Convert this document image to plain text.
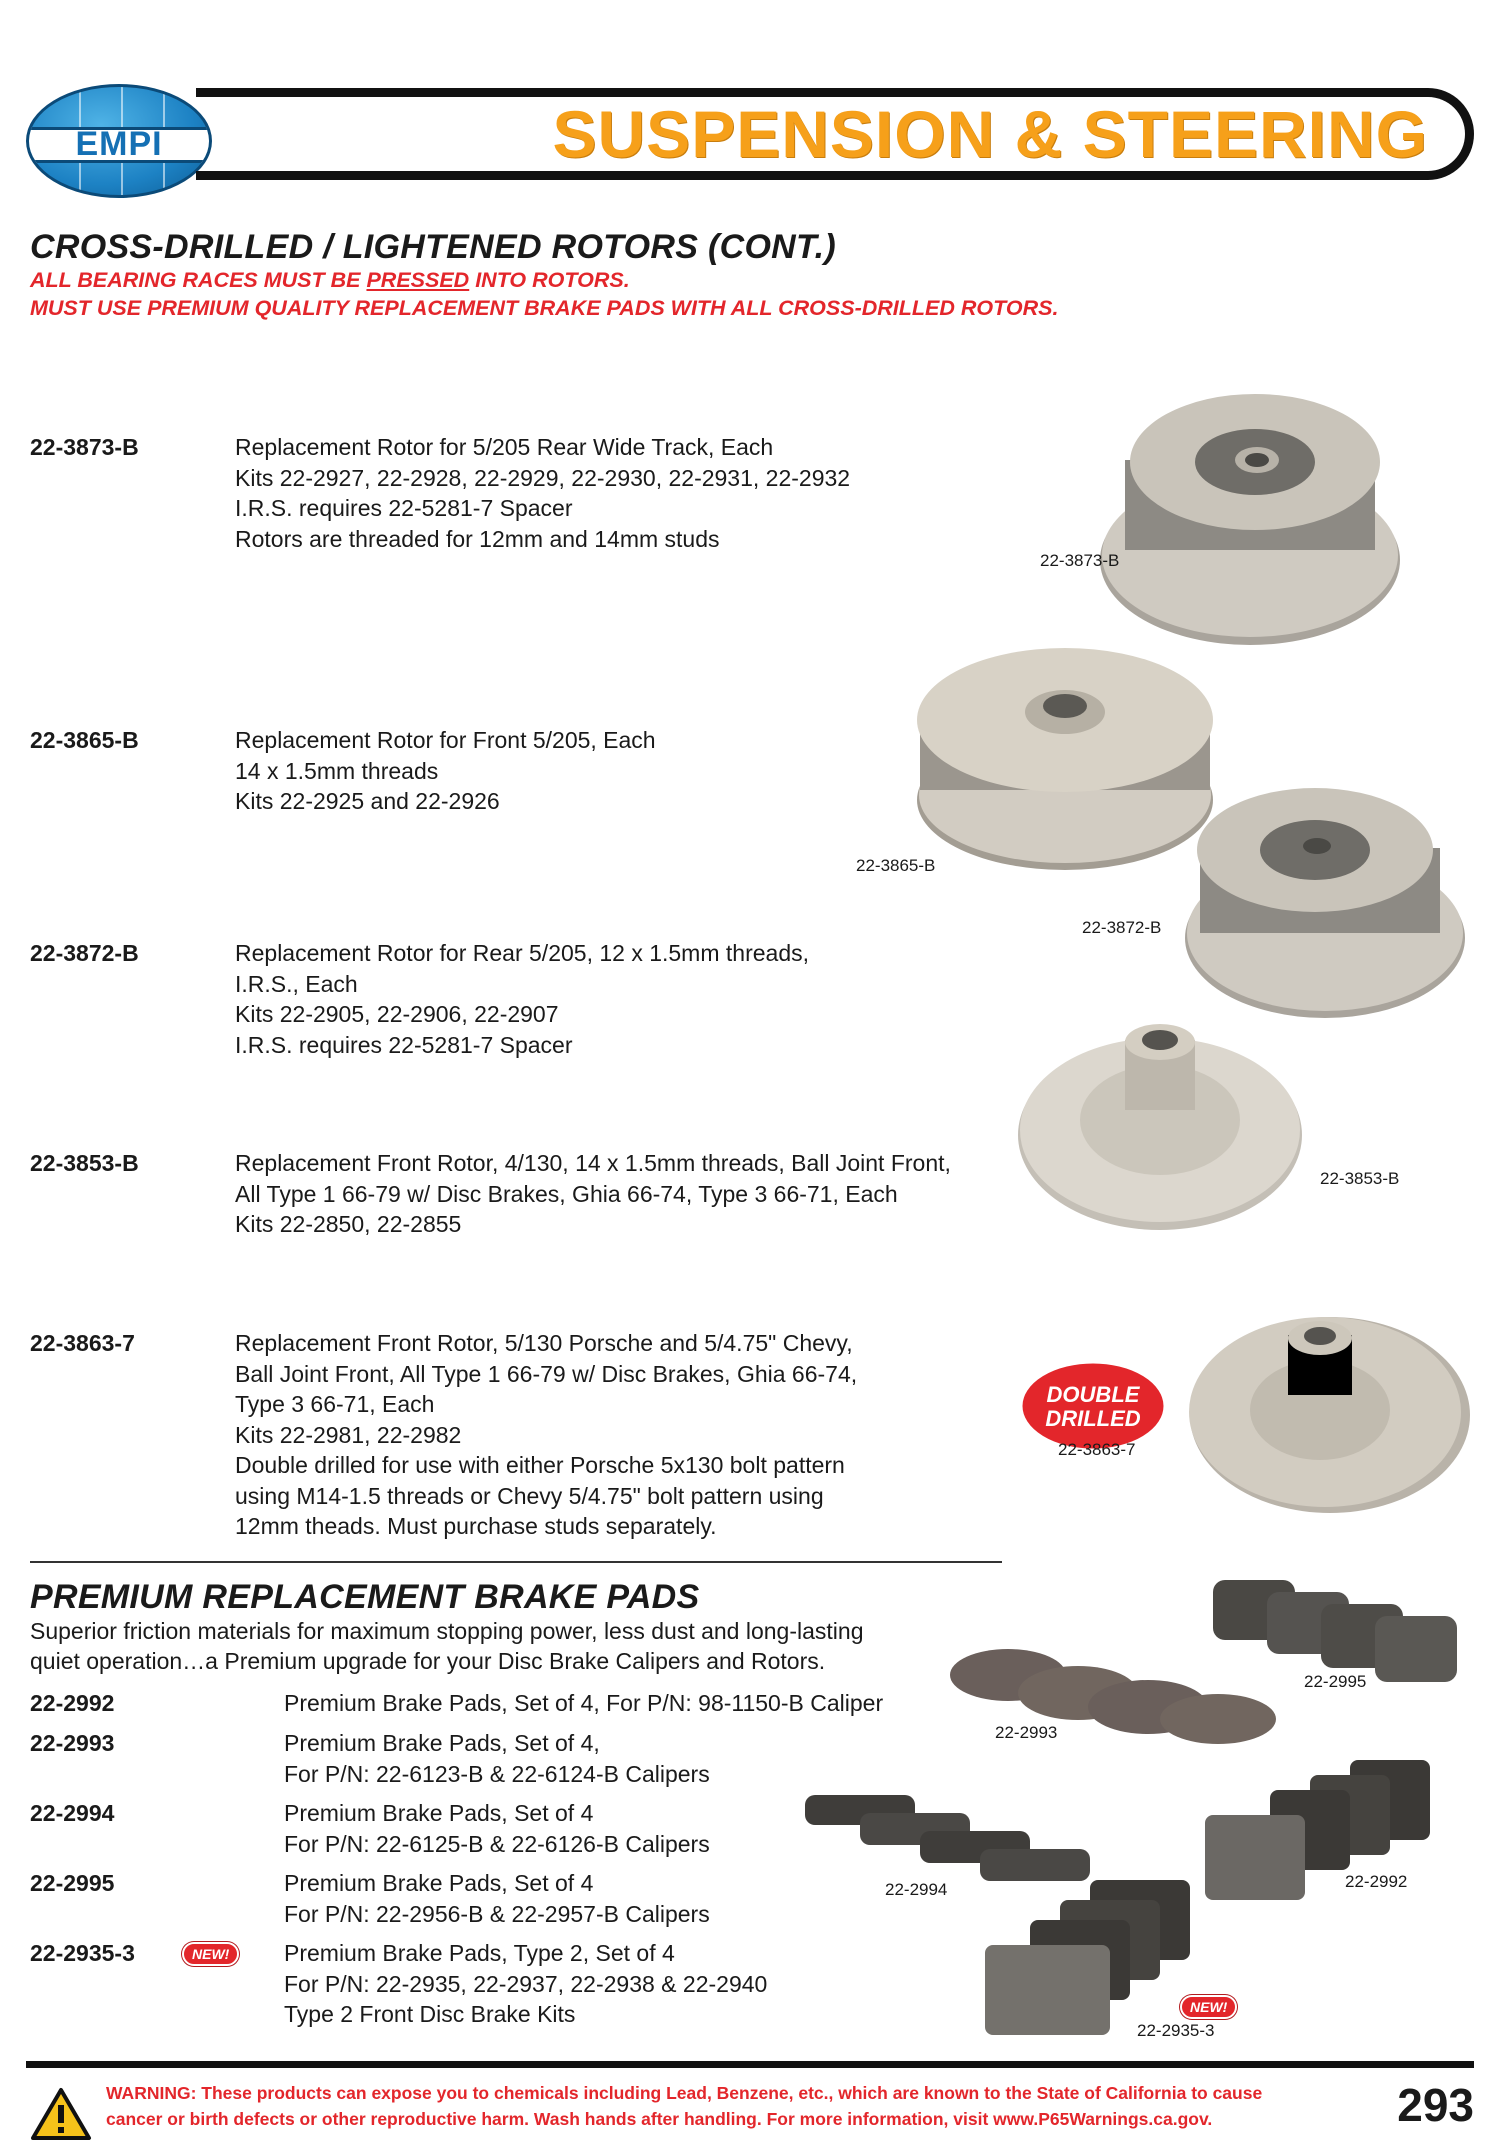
EMPI	SUSPENSION & STEERING
CROSS-DRILLED / LIGHTENED ROTORS (CONT.)
ALL BEARING RACES MUST BE PRESSED INTO ROTORS.
MUST USE PREMIUM QUALITY REPLACEMENT BRAKE PADS WITH ALL CROSS-DRILLED ROTORS.
22-3873-B	Replacement Rotor for 5/205 Rear Wide Track, Each
Kits 22-2927, 22-2928, 22-2929, 22-2930, 22-2931, 22-2932
I.R.S. requires 22-5281-7 Spacer
Rotors are threaded for 12mm and 14mm studs
22-3865-B	Replacement Rotor for Front 5/205, Each
14 x 1.5mm threads
Kits 22-2925 and 22-2926
22-3872-B	Replacement Rotor for Rear 5/205, 12 x 1.5mm threads,
I.R.S., Each
Kits 22-2905, 22-2906, 22-2907
I.R.S. requires 22-5281-7 Spacer
22-3853-B	Replacement Front Rotor, 4/130, 14 x 1.5mm threads, Ball Joint Front,
All Type 1 66-79 w/ Disc Brakes, Ghia 66-74, Type 3 66-71, Each
Kits 22-2850, 22-2855
22-3863-7	Replacement Front Rotor, 5/130 Porsche and 5/4.75" Chevy,
Ball Joint Front, All Type 1 66-79 w/ Disc Brakes, Ghia 66-74,
Type 3 66-71, Each
Kits 22-2981, 22-2982
Double drilled for use with either Porsche 5x130 bolt pattern
using M14-1.5 threads or Chevy 5/4.75" bolt pattern using
12mm theads. Must purchase studs separately.
22-3873-B
22-3865-B
22-3872-B
22-3853-B
DOUBLE
DRILLED
22-3863-7
PREMIUM REPLACEMENT BRAKE PADS
Superior friction materials for maximum stopping power, less dust and long-lasting
quiet operation…a Premium upgrade for your Disc Brake Calipers and Rotors.
22-2992	Premium Brake Pads, Set of 4, For P/N: 98-1150-B Caliper
22-2993	Premium Brake Pads, Set of 4,
For P/N: 22-6123-B & 22-6124-B Calipers
22-2994	Premium Brake Pads, Set of 4
For P/N: 22-6125-B & 22-6126-B Calipers
22-2995	Premium Brake Pads, Set of 4
For P/N: 22-2956-B & 22-2957-B Calipers
22-2935-3	Premium Brake Pads, Type 2, Set of 4
For P/N: 22-2935, 22-2937, 22-2938 & 22-2940
Type 2 Front Disc Brake Kits
NEW!
22-2995
22-2993
22-2994	22-2992
NEW!
22-2935-3
WARNING: These products can expose you to chemicals including Lead, Benzene, etc., which are known to the State of California to cause
cancer or birth defects or other reproductive harm. Wash hands after handling. For more information, visit www.P65Warnings.ca.gov.	293
